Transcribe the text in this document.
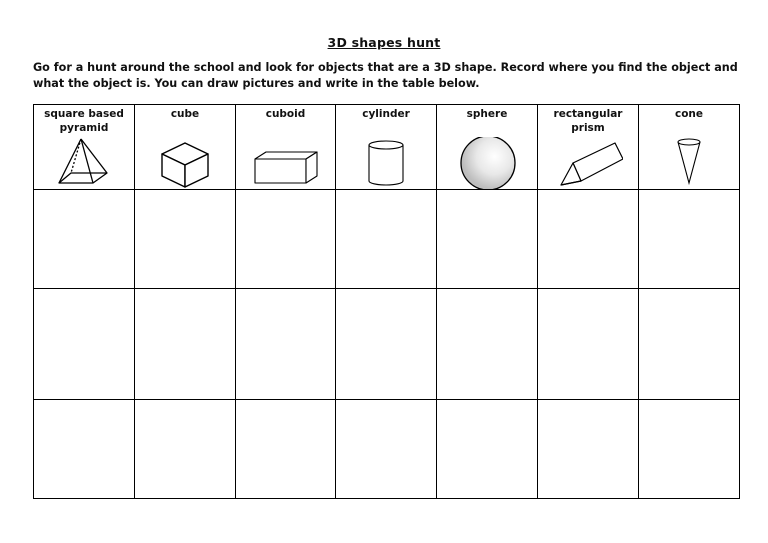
3D shapes hunt
Go for a hunt around the school and look for objects that are a 3D shape. Record where you find the object and what the object is. You can draw pictures and write in the table below.
square based pyramid	cube	cuboid	cylinder	sphere	rectangular prism	cone
